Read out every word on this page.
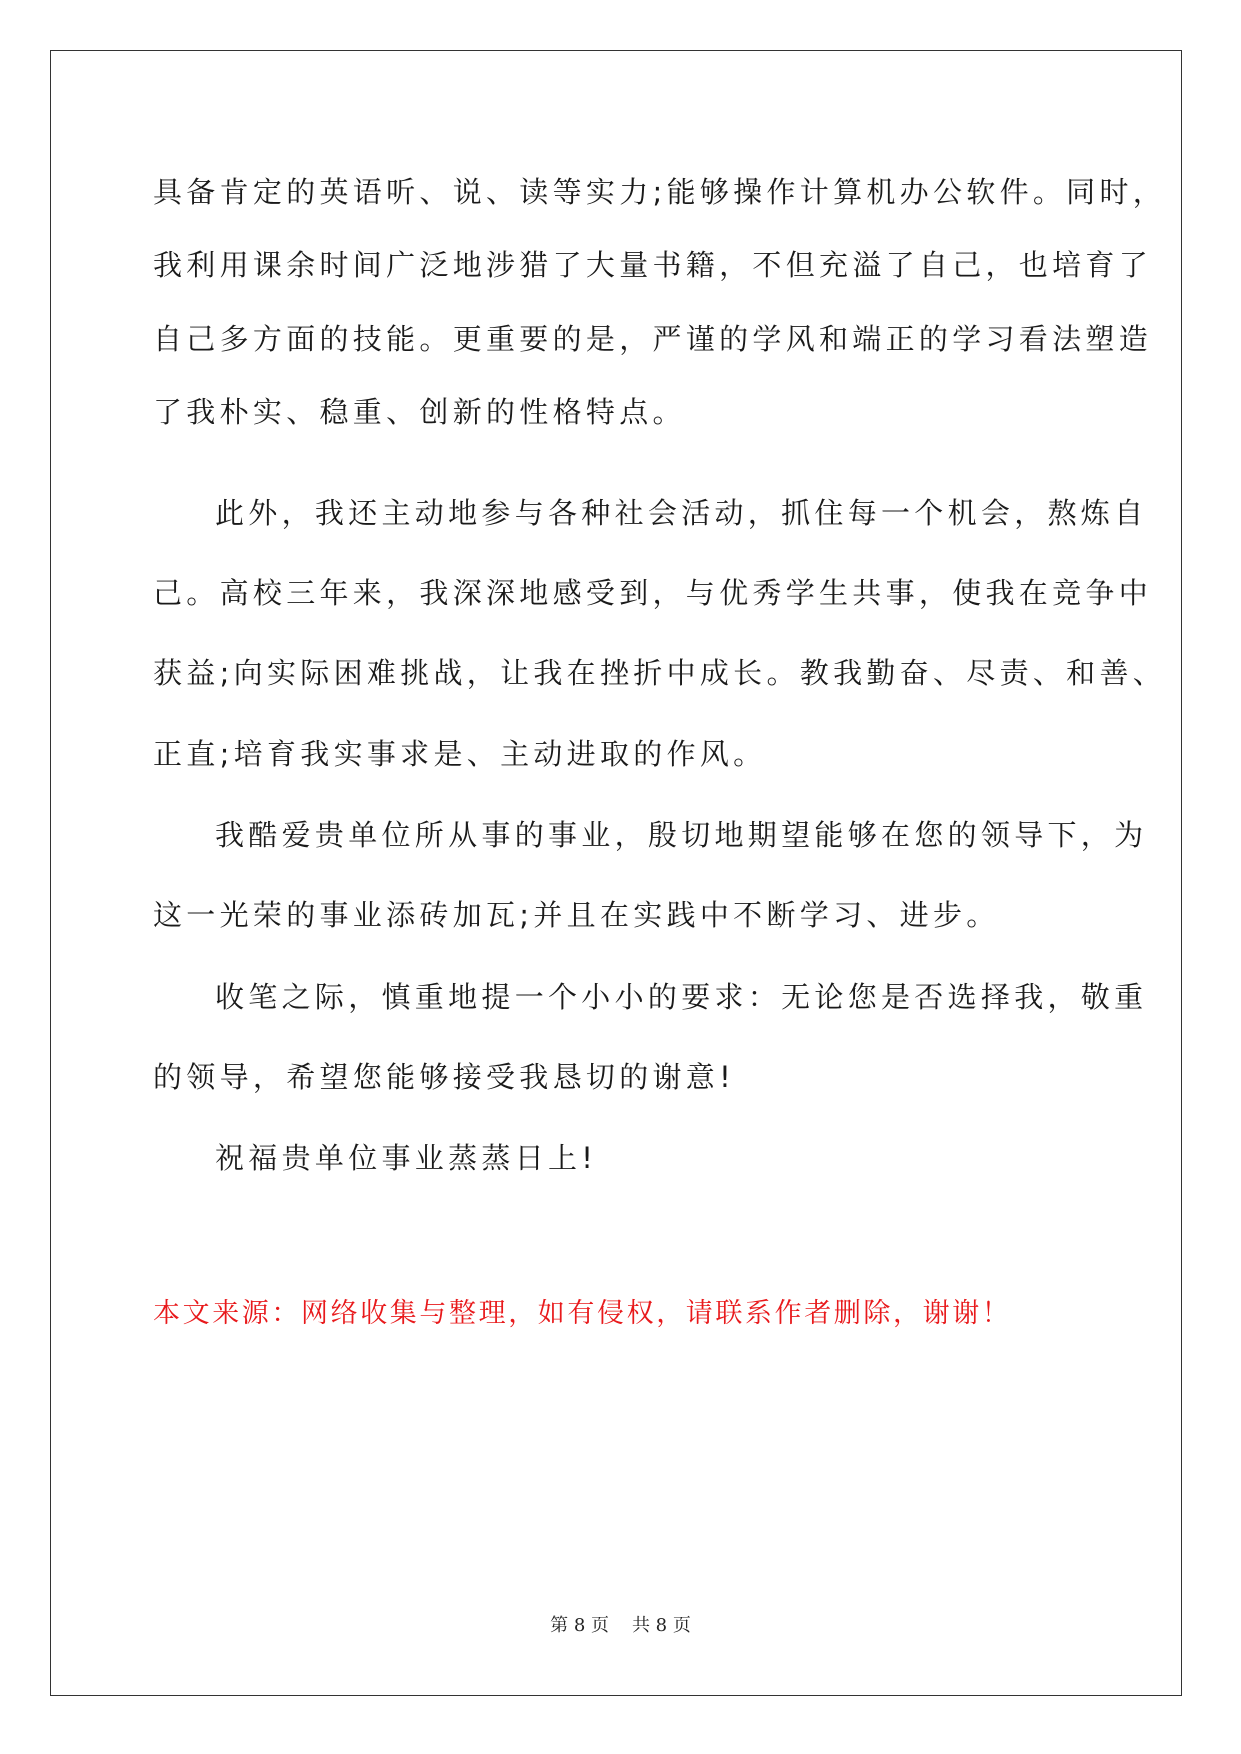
具备肯定的英语听、说、读等实力;能够操作计算机办公软件。同时，
我利用课余时间广泛地涉猎了大量书籍，不但充溢了自己，也培育了
自己多方面的技能。更重要的是，严谨的学风和端正的学习看法塑造
了我朴实、稳重、创新的性格特点。
此外，我还主动地参与各种社会活动，抓住每一个机会，熬炼自
己。高校三年来，我深深地感受到，与优秀学生共事，使我在竞争中
获益;向实际困难挑战，让我在挫折中成长。教我勤奋、尽责、和善、
正直;培育我实事求是、主动进取的作风。
我酷爱贵单位所从事的事业，殷切地期望能够在您的领导下，为
这一光荣的事业添砖加瓦;并且在实践中不断学习、进步。
收笔之际，慎重地提一个小小的要求：无论您是否选择我，敬重
的领导，希望您能够接受我恳切的谢意!
祝福贵单位事业蒸蒸日上!
本文来源：网络收集与整理，如有侵权，请联系作者删除，谢谢！
第 8 页    共 8 页
